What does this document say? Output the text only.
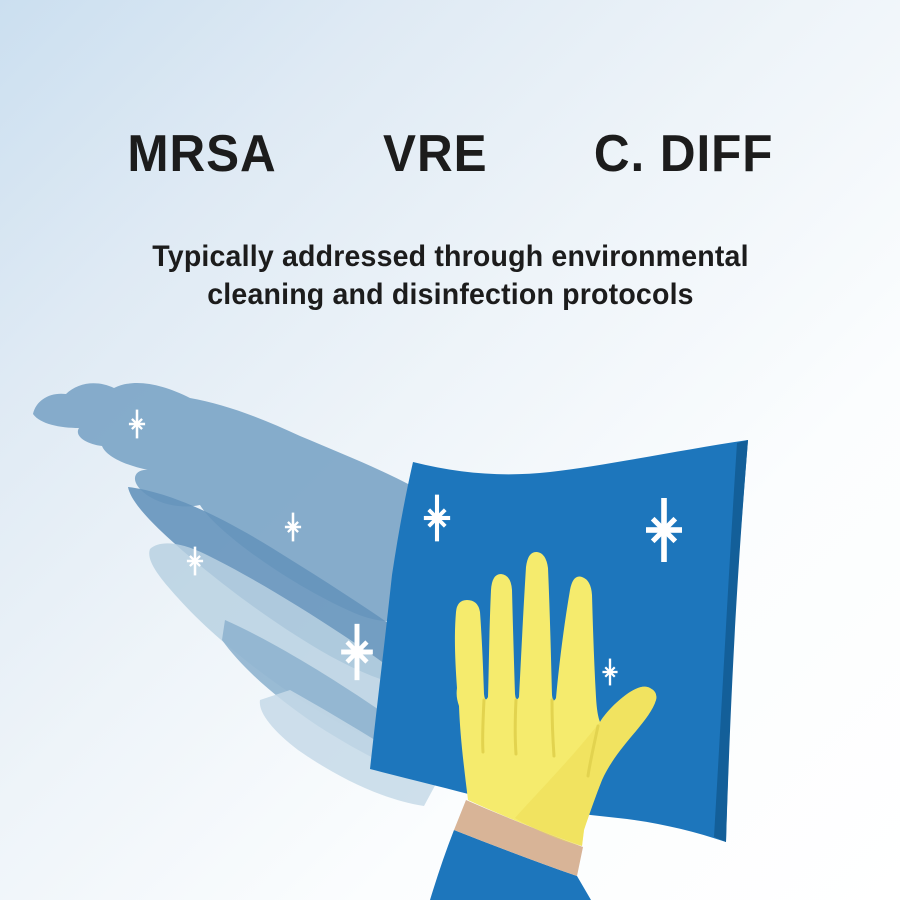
MRSA VRE C. DIFF
Typically addressed through environmental
cleaning and disinfection protocols
